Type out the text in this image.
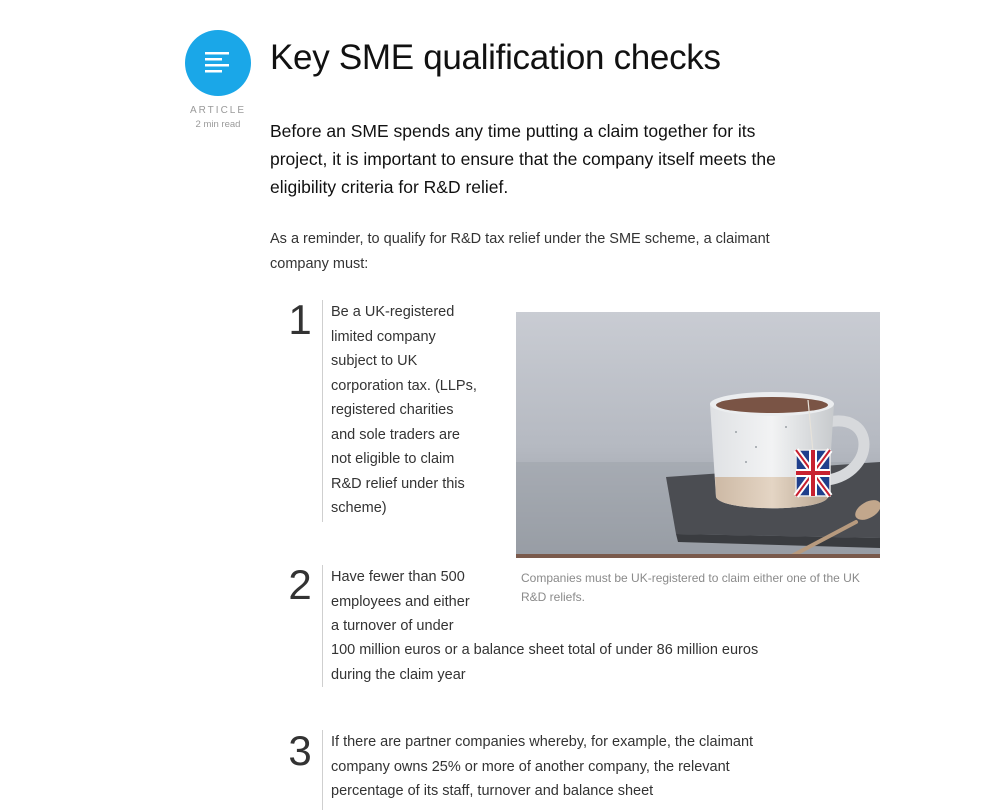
ARTICLE
2 min read
Key SME qualification checks

Before an SME spends any time putting a claim together for its project, it is important to ensure that the company itself meets the eligibility criteria for R&D relief.

As a reminder, to qualify for R&D tax relief under the SME scheme, a claimant company must:

1	Be a UK-registered limited company subject to UK corporation tax. (LLPs, registered charities and sole traders are not eligible to claim R&D relief under this scheme)

Companies must be UK-registered to claim either one of the UK R&D reliefs.

2	Have fewer than 500 employees and either a turnover of under

100 million euros or a balance sheet total of under 86 million euros during the claim year

3	If there are partner companies whereby, for example, the claimant company owns 25% or more of another company, the relevant percentage of its staff, turnover and balance sheet
